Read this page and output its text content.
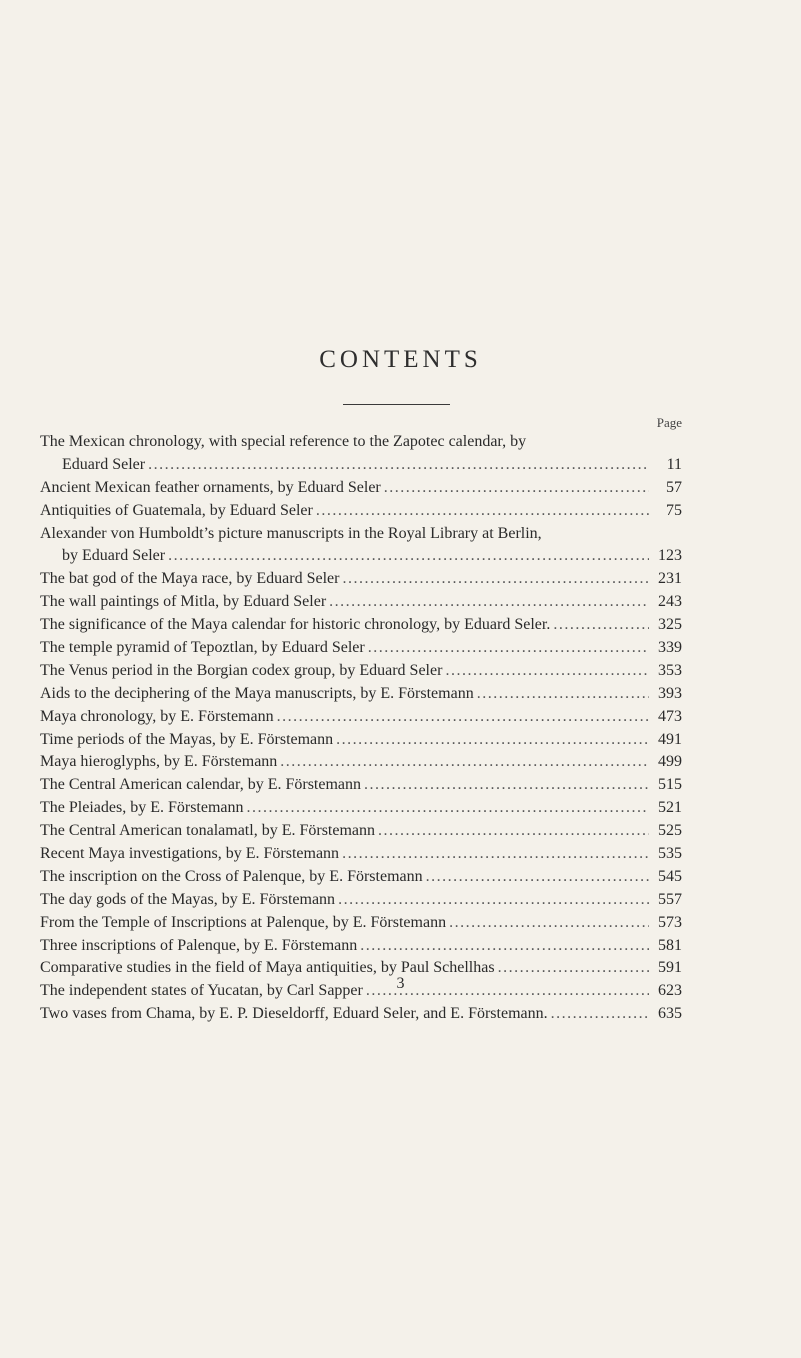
CONTENTS
Page
The Mexican chronology, with special reference to the Zapotec calendar, by
Eduard Seler .....	11
Ancient Mexican feather ornaments, by Eduard Seler .....	57
Antiquities of Guatemala, by Eduard Seler .....	75
Alexander von Humboldt’s picture manuscripts in the Royal Library at Berlin,
by Eduard Seler .....	123
The bat god of the Maya race, by Eduard Seler .....	231
The wall paintings of Mitla, by Eduard Seler .....	243
The significance of the Maya calendar for historic chronology, by Eduard Seler. .....	325
The temple pyramid of Tepoztlan, by Eduard Seler .....	339
The Venus period in the Borgian codex group, by Eduard Seler .....	353
Aids to the deciphering of the Maya manuscripts, by E. Förstemann .....	393
Maya chronology, by E. Förstemann .....	473
Time periods of the Mayas, by E. Förstemann .....	491
Maya hieroglyphs, by E. Förstemann .....	499
The Central American calendar, by E. Förstemann .....	515
The Pleiades, by E. Förstemann .....	521
The Central American tonalamatl, by E. Förstemann .....	525
Recent Maya investigations, by E. Förstemann .....	535
The inscription on the Cross of Palenque, by E. Förstemann .....	545
The day gods of the Mayas, by E. Förstemann .....	557
From the Temple of Inscriptions at Palenque, by E. Förstemann .....	573
Three inscriptions of Palenque, by E. Förstemann .....	581
Comparative studies in the field of Maya antiquities, by Paul Schellhas .....	591
The independent states of Yucatan, by Carl Sapper .....	623
Two vases from Chama, by E. P. Dieseldorff, Eduard Seler, and E. Förstemann. .....	635
3
